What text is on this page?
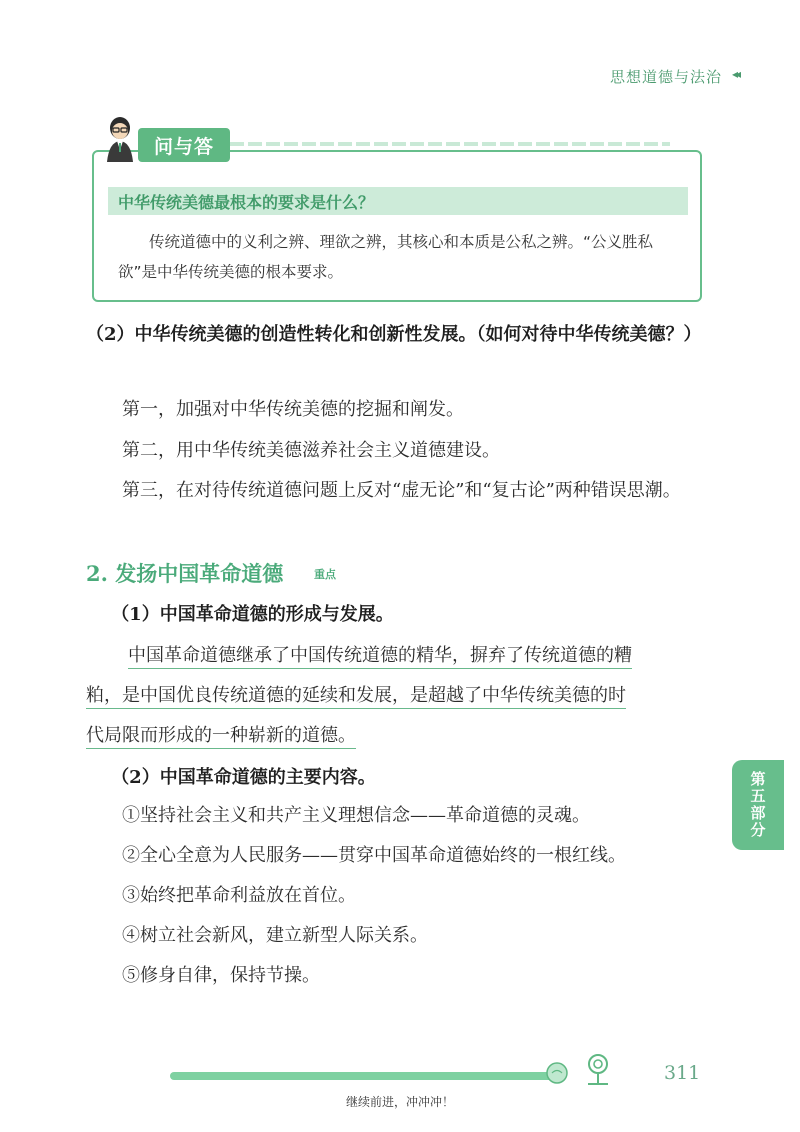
思想道德与法治 ◂◂
问与答
中华传统美德最根本的要求是什么？
传统道德中的义利之辨、理欲之辨，其核心和本质是公私之辨。“公义胜私欲”是中华传统美德的根本要求。
（2）中华传统美德的创造性转化和创新性发展。（如何对待中华传统美德？）
第一，加强对中华传统美德的挖掘和阐发。
第二，用中华传统美德滋养社会主义道德建设。
第三，在对待传统道德问题上反对“虚无论”和“复古论”两种错误思潮。
2. 发扬中国革命道德	重点
（1）中国革命道德的形成与发展。
中国革命道德继承了中国传统道德的精华，摒弃了传统道德的糟
粕，是中国优良传统道德的延续和发展，是超越了中华传统美德的时
代局限而形成的一种崭新的道德。
（2）中国革命道德的主要内容。
①坚持社会主义和共产主义理想信念——革命道德的灵魂。
②全心全意为人民服务——贯穿中国革命道德始终的一根红线。
③始终把革命利益放在首位。
④树立社会新风，建立新型人际关系。
⑤修身自律，保持节操。
第五部分
311
继续前进，冲冲冲！
